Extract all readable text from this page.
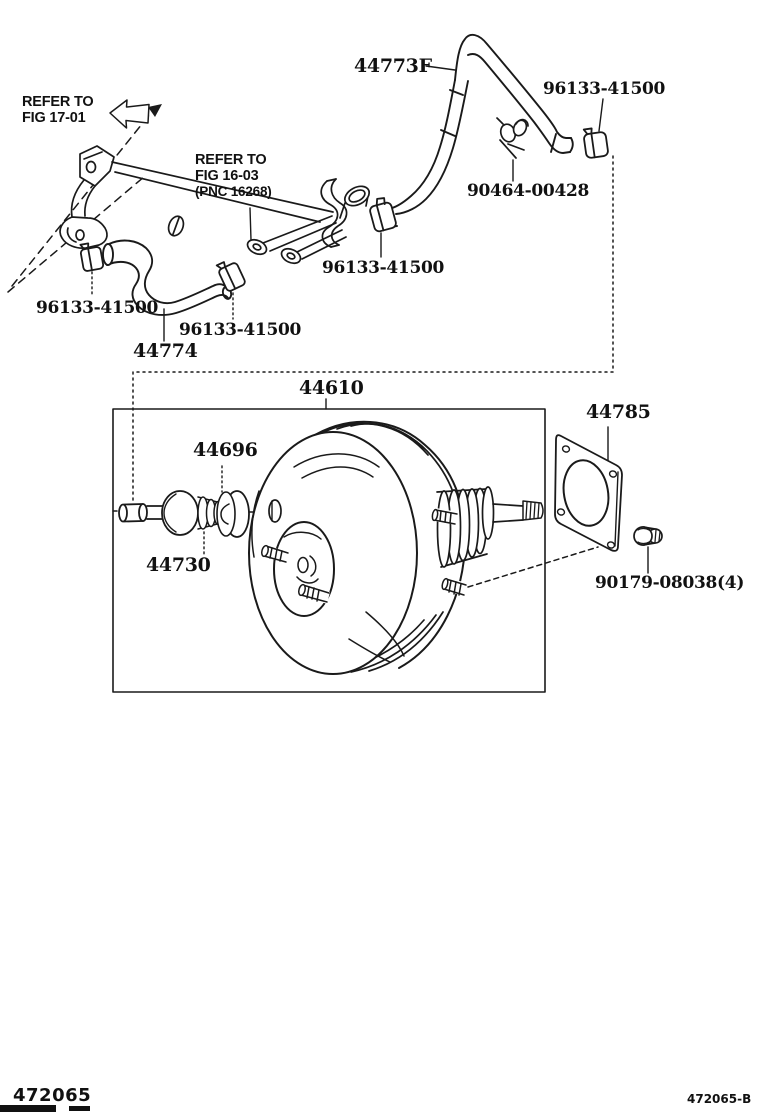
REFER TO
FIG 17-01
REFER TO
FIG 16-03
(PNC 16268)
44773F
96133-41500
90464-00428
96133-41500
96133-41500
96133-41500
44774
44610
44785
44696
44730
90179-08038(4)
472065	472065-B
